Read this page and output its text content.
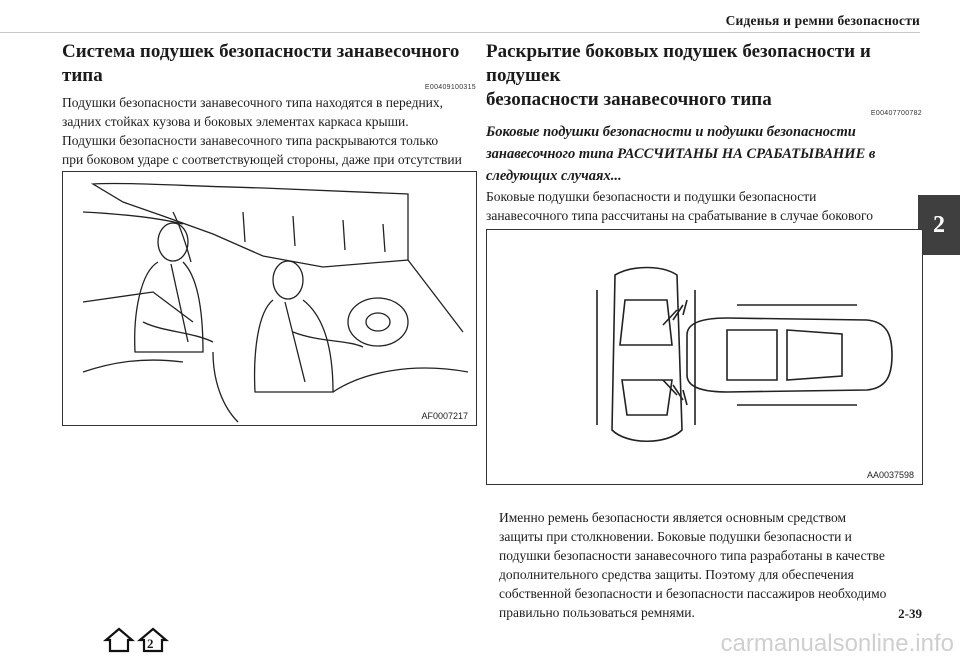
Сиденья и ремни безопасности
2
Система подушек безопасности занавесочного типа
E00409100315

Подушки безопасности занавесочного типа находятся в передних,

задних стойках кузова и боковых элементах каркаса крыши.

Подушки безопасности занавесочного типа раскрываются только

при боковом ударе с соответствующей стороны, даже при отсутствии

AF0007217
Раскрытие боковых подушек безопасности и подушек
безопасности занавесочного типа
E00407700782
Боковые подушки безопасности и подушки безопасности
занавесочного типа РАССЧИТАНЫ НА СРАБАТЫВАНИЕ в
следующих случаях...

Боковые подушки безопасности и подушки безопасности

занавесочного типа рассчитаны на срабатывание в случае бокового

AA0037598

Именно ремень безопасности является основным средством

защиты при столкновении. Боковые подушки безопасности и

подушки безопасности занавесочного типа разработаны в качестве

дополнительного средства защиты. Поэтому для обеспечения

собственной безопасности и безопасности пассажиров необходимо

правильно пользоваться ремнями.	2-39
2	carmanualsonline.info
